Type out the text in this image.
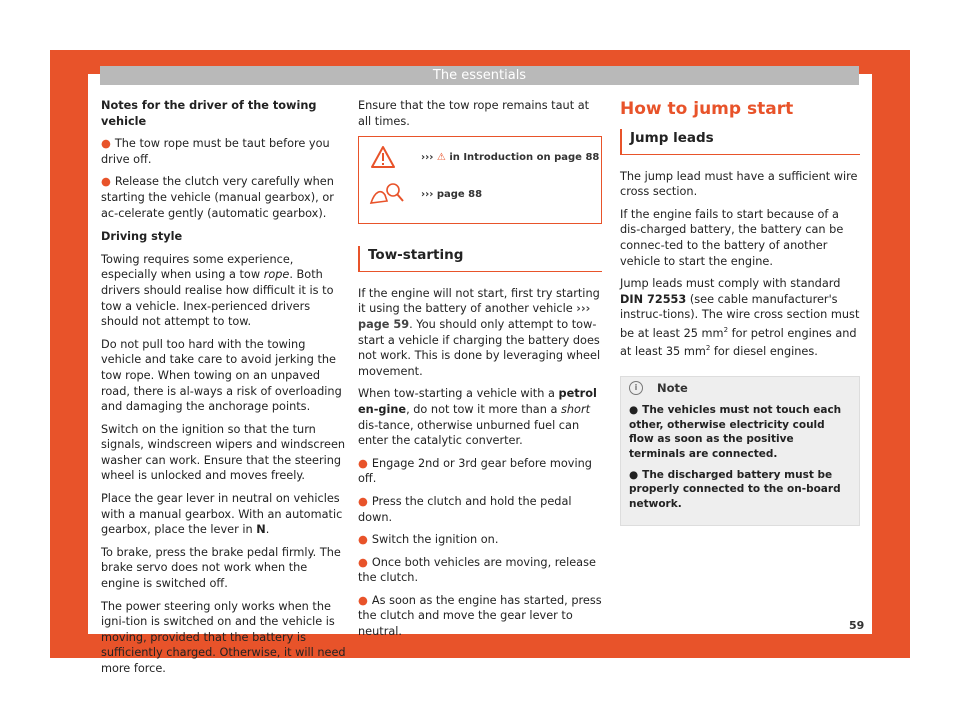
The essentials

Notes for the driver of the towing vehicle

● The tow rope must be taut before you drive off.

● Release the clutch very carefully when starting the vehicle (manual gearbox), or ac-celerate gently (automatic gearbox).

Driving style

Towing requires some experience, especially when using a tow rope. Both drivers should realise how difficult it is to tow a vehicle. Inex-perienced drivers should not attempt to tow.

Do not pull too hard with the towing vehicle and take care to avoid jerking the tow rope. When towing on an unpaved road, there is al-ways a risk of overloading and damaging the anchorage points.

Switch on the ignition so that the turn signals, windscreen wipers and windscreen washer can work. Ensure that the steering wheel is unlocked and moves freely.

Place the gear lever in neutral on vehicles with a manual gearbox. With an automatic gearbox, place the lever in N.

To brake, press the brake pedal firmly. The brake servo does not work when the engine is switched off.

The power steering only works when the igni-tion is switched on and the vehicle is moving, provided that the battery is sufficiently charged. Otherwise, it will need more force.

Ensure that the tow rope remains taut at all times.

››› ⚠ in Introduction on page 88
››› page 88
Tow-starting

If the engine will not start, first try starting it using the battery of another vehicle ››› page 59. You should only attempt to tow-start a vehicle if charging the battery does not work. This is done by leveraging wheel movement.

When tow-starting a vehicle with a petrol en-gine, do not tow it more than a short dis-tance, otherwise unburned fuel can enter the catalytic converter.

● Engage 2nd or 3rd gear before moving off.

● Press the clutch and hold the pedal down.

● Switch the ignition on.

● Once both vehicles are moving, release the clutch.

● As soon as the engine has started, press the clutch and move the gear lever to neutral.

How to jump start
Jump leads

The jump lead must have a sufficient wire cross section.

If the engine fails to start because of a dis-charged battery, the battery can be connec-ted to the battery of another vehicle to start the engine.

Jump leads must comply with standard DIN 72553 (see cable manufacturer's instruc-tions). The wire cross section must be at least 25 $mm^2$ for petrol engines and at least 35 $mm^2$ for diesel engines.

i	Note
● The vehicles must not touch each other, otherwise electricity could flow as soon as the positive terminals are connected.
● The discharged battery must be properly connected to the on-board network.
59
